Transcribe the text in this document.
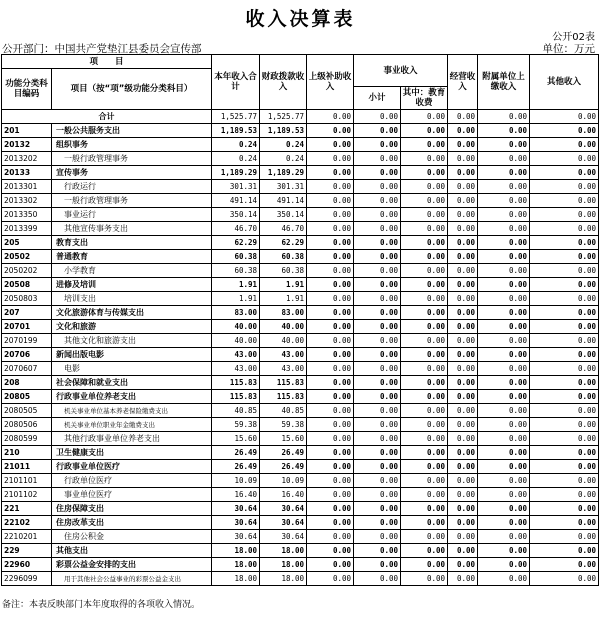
收入决算表
公开02表
公开部门：中国共产党垫江县委员会宣传部	单位：万元
项　　目		本年收入合计	财政拨款收入	上级补助收入	事业收入		经营收入	附属单位上缴收入	其他收入
功能分类科目编码	项目（按“项”级功能分类科目）								
					小计	其中：教育收费			
合计		1,525.77	1,525.77	0.00	0.00	0.00	0.00	0.00	0.00
201	一般公共服务支出	1,189.53	1,189.53	0.00	0.00	0.00	0.00	0.00	0.00
20132	组织事务	0.24	0.24	0.00	0.00	0.00	0.00	0.00	0.00
2013202	一般行政管理事务	0.24	0.24	0.00	0.00	0.00	0.00	0.00	0.00
20133	宣传事务	1,189.29	1,189.29	0.00	0.00	0.00	0.00	0.00	0.00
2013301	行政运行	301.31	301.31	0.00	0.00	0.00	0.00	0.00	0.00
2013302	一般行政管理事务	491.14	491.14	0.00	0.00	0.00	0.00	0.00	0.00
2013350	事业运行	350.14	350.14	0.00	0.00	0.00	0.00	0.00	0.00
2013399	其他宣传事务支出	46.70	46.70	0.00	0.00	0.00	0.00	0.00	0.00
205	教育支出	62.29	62.29	0.00	0.00	0.00	0.00	0.00	0.00
20502	普通教育	60.38	60.38	0.00	0.00	0.00	0.00	0.00	0.00
2050202	小学教育	60.38	60.38	0.00	0.00	0.00	0.00	0.00	0.00
20508	进修及培训	1.91	1.91	0.00	0.00	0.00	0.00	0.00	0.00
2050803	培训支出	1.91	1.91	0.00	0.00	0.00	0.00	0.00	0.00
207	文化旅游体育与传媒支出	83.00	83.00	0.00	0.00	0.00	0.00	0.00	0.00
20701	文化和旅游	40.00	40.00	0.00	0.00	0.00	0.00	0.00	0.00
2070199	其他文化和旅游支出	40.00	40.00	0.00	0.00	0.00	0.00	0.00	0.00
20706	新闻出版电影	43.00	43.00	0.00	0.00	0.00	0.00	0.00	0.00
2070607	电影	43.00	43.00	0.00	0.00	0.00	0.00	0.00	0.00
208	社会保障和就业支出	115.83	115.83	0.00	0.00	0.00	0.00	0.00	0.00
20805	行政事业单位养老支出	115.83	115.83	0.00	0.00	0.00	0.00	0.00	0.00
2080505	机关事业单位基本养老保险缴费支出	40.85	40.85	0.00	0.00	0.00	0.00	0.00	0.00
2080506	机关事业单位职业年金缴费支出	59.38	59.38	0.00	0.00	0.00	0.00	0.00	0.00
2080599	其他行政事业单位养老支出	15.60	15.60	0.00	0.00	0.00	0.00	0.00	0.00
210	卫生健康支出	26.49	26.49	0.00	0.00	0.00	0.00	0.00	0.00
21011	行政事业单位医疗	26.49	26.49	0.00	0.00	0.00	0.00	0.00	0.00
2101101	行政单位医疗	10.09	10.09	0.00	0.00	0.00	0.00	0.00	0.00
2101102	事业单位医疗	16.40	16.40	0.00	0.00	0.00	0.00	0.00	0.00
221	住房保障支出	30.64	30.64	0.00	0.00	0.00	0.00	0.00	0.00
22102	住房改革支出	30.64	30.64	0.00	0.00	0.00	0.00	0.00	0.00
2210201	住房公积金	30.64	30.64	0.00	0.00	0.00	0.00	0.00	0.00
229	其他支出	18.00	18.00	0.00	0.00	0.00	0.00	0.00	0.00
22960	彩票公益金安排的支出	18.00	18.00	0.00	0.00	0.00	0.00	0.00	0.00
2296099	用于其他社会公益事业的彩票公益金支出	18.00	18.00	0.00	0.00	0.00	0.00	0.00	0.00
备注：本表反映部门本年度取得的各项收入情况。
